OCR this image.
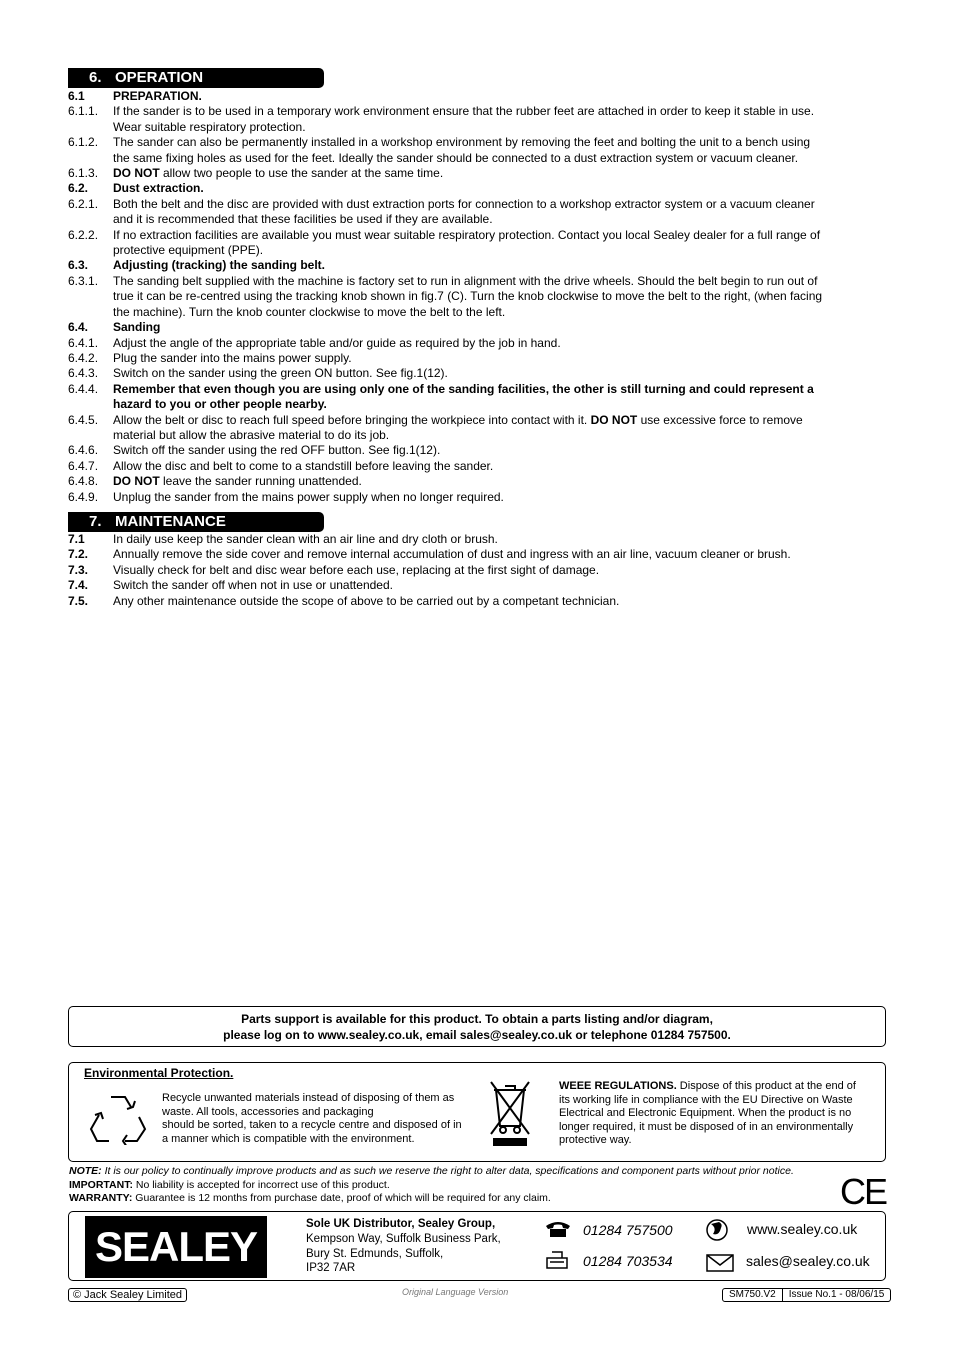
6. OPERATION
6.1 PREPARATION.
6.1.1. If the sander is to be used in a temporary work environment ensure that the rubber feet are attached in order to keep it stable in use.
Wear suitable respiratory protection.
6.1.2. The sander can also be permanently installed in a workshop environment by removing the feet and bolting the unit to a bench using
the same fixing holes as used for the feet. Ideally the sander should be connected to a dust extraction system or vacuum cleaner.
6.1.3. DO NOT allow two people to use the sander at the same time.
6.2. Dust extraction.
6.2.1. Both the belt and the disc are provided with dust extraction ports for connection to a workshop extractor system or a vacuum cleaner
and it is recommended that these facilities be used if they are available.
6.2.2. If no extraction facilities are available you must wear suitable respiratory protection. Contact you local Sealey dealer for a full range of
protective equipment (PPE).
6.3. Adjusting (tracking) the sanding belt.
6.3.1. The sanding belt supplied with the machine is factory set to run in alignment with the drive wheels. Should the belt begin to run out of
true it can be re-centred using the tracking knob shown in fig.7 (C). Turn the knob clockwise to move the belt to the right, (when facing
the machine). Turn the knob counter clockwise to move the belt to the left.
6.4. Sanding
6.4.1. Adjust the angle of the appropriate table and/or guide as required by the job in hand.
6.4.2. Plug the sander into the mains power supply.
6.4.3. Switch on the sander using the green ON button. See fig.1(12).
6.4.4. Remember that even though you are using only one of the sanding facilities, the other is still turning and could represent a
hazard to you or other people nearby.
6.4.5. Allow the belt or disc to reach full speed before bringing the workpiece into contact with it. DO NOT use excessive force to remove
material but allow the abrasive material to do its job.
6.4.6. Switch off the sander using the red OFF button. See fig.1(12).
6.4.7. Allow the disc and belt to come to a standstill before leaving the sander.
6.4.8. DO NOT leave the sander running unattended.
6.4.9. Unplug the sander from the mains power supply when no longer required.
7. MAINTENANCE
7.1 In daily use keep the sander clean with an air line and dry cloth or brush.
7.2. Annually remove the side cover and remove internal accumulation of dust and ingress with an air line, vacuum cleaner or brush.
7.3. Visually check for belt and disc wear before each use, replacing at the first sight of damage.
7.4. Switch the sander off when not in use or unattended.
7.5. Any other maintenance outside the scope of above to be carried out by a competant technician.
Parts support is available for this product. To obtain a parts listing and/or diagram,
please log on to www.sealey.co.uk, email sales@sealey.co.uk or telephone 01284 757500.
Environmental Protection.
Recycle unwanted materials instead of disposing of them as
waste. All tools, accessories and packaging
should be sorted, taken to a recycle centre and disposed of in
a manner which is compatible with the environment.
WEEE REGULATIONS. Dispose of this product at the end of
its working life in compliance with the EU Directive on Waste
Electrical and Electronic Equipment. When the product is no
longer required, it must be disposed of in an environmentally
protective way.
NOTE: It is our policy to continually improve products and as such we reserve the right to alter data, specifications and component parts without prior notice.
IMPORTANT: No liability is accepted for incorrect use of this product.
WARRANTY: Guarantee is 12 months from purchase date, proof of which will be required for any claim.	CE
SEALEY	Sole UK Distributor, Sealey Group,
Kempson Way, Suffolk Business Park,
Bury St. Edmunds, Suffolk,
IP32 7AR
01284 757500
01284 703534
www.sealey.co.uk
sales@sealey.co.uk
© Jack Sealey Limited	Original Language Version	SM750.V2	Issue No.1 - 08/06/15
